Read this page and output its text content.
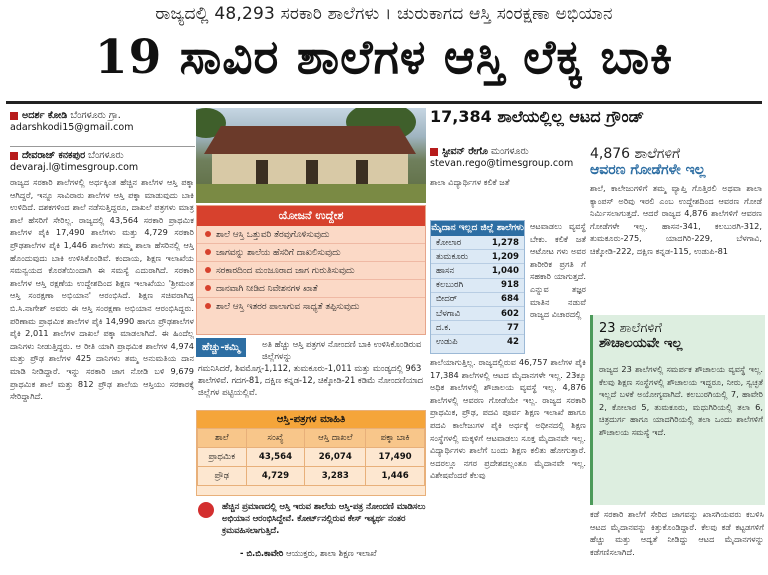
ರಾಜ್ಯದಲ್ಲಿ 48,293 ಸರಕಾರಿ ಶಾಲೆಗಳು । ಚುರುಕಾಗದ ಆಸ್ತಿ ಸಂರಕ್ಷಣಾ ಅಭಿಯಾನ
19 ಸಾವಿರ ಶಾಲೆಗಳ ಆಸ್ತಿ ಲೆಕ್ಕ ಬಾಕಿ
ಅದರ್ಶ ಕೋಡಿ ಬೆಂಗಳೂರು ಗ್ರಾ.
adarshkodi15@gmail.com
ದೇವರಾಜ್ ಕನಕಪುರ ಬೆಂಗಳೂರು
devaraj.l@timesgroup.com
ರಾಜ್ಯದ ಸರಕಾರಿ ಶಾಲೆಗಳಲ್ಲಿ ಅರ್ಧಕ್ಕಿಂತ ಹೆಚ್ಚಿನ ಶಾಲೆಗಳ ಆಸ್ತಿ ಪಕ್ಕಾ ಆಗಿದ್ದರೆ, ಇನ್ನೂ ಸಾವಿರಾರು ಶಾಲೆಗಳ ಆಸ್ತಿ ಪಕ್ಕಾ ಮಾಡುವುದು ಬಾಕಿ ಉಳಿದಿದೆ. ದಶಕಗಳಿಂದ ಶಾಲೆ ನಡೆಸುತ್ತಿದ್ದರೂ, ದಾಖಲೆ ಪತ್ರಗಳು ಮಾತ್ರ ಶಾಲೆ ಹೆಸರಿಗೆ ಸೇರಿಲ್ಲ. ರಾಜ್ಯದಲ್ಲಿ 43,564 ಸರಕಾರಿ ಪ್ರಾಥಮಿಕ ಶಾಲೆಗಳ ಪೈಕಿ 17,490 ಶಾಲೆಗಳು ಮತ್ತು 4,729 ಸರಕಾರಿ ಪ್ರೌಢಶಾಲೆಗಳ ಪೈಕಿ 1,446 ಶಾಲೆಗಳು ತಮ್ಮ ಶಾಲಾ ಹೆಸರಿನಲ್ಲಿ ಆಸ್ತಿ ಹೊಂದುವುದು ಬಾಕಿ ಉಳಿಸಿಕೊಂಡಿವೆ. ಕಂದಾಯ, ಶಿಕ್ಷಣ ಇಲಾಖೆಯ ಸಮನ್ವಯದ ಕೊರತೆಯಿಂದಾಗಿ ಈ ಸಮಸ್ಯೆ ಎದುರಾಗಿದೆ. ಸರಕಾರಿ ಶಾಲೆಗಳ ಆಸ್ತಿ ರಕ್ಷಣೆಯ ಉದ್ದೇಶದಿಂದ ಶಿಕ್ಷಣ ಇಲಾಖೆಯು 'ಶ್ರೀಮಂತ ಆಸ್ತಿ ಸಂರಕ್ಷಣಾ ಅಭಿಯಾನ' ಆರಂಭಿಸಿದೆ. ಶಿಕ್ಷಣ ಸಚಿವರಾಗಿದ್ದ ಬಿ.ಸಿ.ನಾಗೇಶ್ ಅವರು ಈ ಆಸ್ತಿ ಸಂರಕ್ಷಣಾ ಅಭಿಯಾನ ಆರಂಭಿಸಿದ್ದರು. ಪರಿಣಾಮ ಪ್ರಾಥಮಿಕ ಶಾಲೆಗಳ ಪೈಕಿ 14,990 ಹಾಗೂ ಪ್ರೌಢಶಾಲೆಗಳ ಪೈಕಿ 2,011 ಶಾಲೆಗಳ ದಾಖಲೆ ಪಕ್ಕಾ ಮಾಡಲಾಗಿದೆ. ಈ ಹಿಂದೆಲ್ಲ ದಾನಿಗಳು ನೀಡುತ್ತಿದ್ದರು. ಆ ರೀತಿ ಯಾಗಿ ಪ್ರಾಥಮಿಕ ಶಾಲೆಗಳ 4,974 ಮತ್ತು ಪ್ರೌಢ ಶಾಲೆಗಳ 425 ದಾನಿಗಳು ತಮ್ಮ ಅನುಮತಿಯ ದಾನ ಮಾಡಿ ನೀಡಿದ್ದಾರೆ. ಇನ್ನು ಸರಕಾರಿ ಜಾಗ ನೋಡಿ ಬಳಿ 9,679 ಪ್ರಾಥಮಿಕ ಶಾಲೆ ಮತ್ತು 812 ಪ್ರೌಢ ಶಾಲೆಯ ಆಸ್ತಿಯು ಸರಕಾರಕ್ಕೆ ಸೇರಿದ್ದಾಗಿದೆ.
ಯೋಜನೆ ಉದ್ದೇಶ
ಶಾಲೆ ಆಸ್ತಿ ಒತ್ತುವರಿ ತೆರವುಗೊಳಿಸುವುದು
ಜಾಗವನ್ನು ಶಾಲೆಯ ಹೆಸರಿಗೆ ದಾಖಲಿಸುವುದು
ಸರಕಾರದಿಂದ ಮಂಜೂರಾದ ಜಾಗ ಗುರುತಿಸುವುದು
ದಾನವಾಗಿ ನೀಡಿದ ನಿವೇಶನಗಳ ಖಾತೆ
ಶಾಲೆ ಆಸ್ತಿ ಇತರರ ಪಾಲಾಗುವ ಸಾಧ್ಯತೆ ತಪ್ಪಿಸುವುದು
ಹೆಚ್ಚು-ಕಮ್ಮಿ	ಅತಿ ಹೆಚ್ಚು ಆಸ್ತಿ ಪತ್ರಗಳ ನೋಂದಣಿ ಬಾಕಿ ಉಳಿಸಿಕೊಂಡಿರುವ ಜಿಲ್ಲೆಗಳನ್ನು
ಗಮನಿಸಿದರೆ, ಶಿವಮೊಗ್ಗ-1,112, ತುಮಕೂರು-1,011 ಮತ್ತು ಮಂಡ್ಯದಲ್ಲಿ 963 ಶಾಲೆಗಳಿವೆ. ಗದಗ-81, ದಕ್ಷಿಣ ಕನ್ನಡ-12, ಚಿಕ್ಕೋಡಿ-21 ಕಡಿಮೆ ನೋಂದಣಿಯಾದ ಜಿಲ್ಲೆಗಳ ಪಟ್ಟಿಯಲ್ಲಿವೆ.
ಆಸ್ತಿ-ಪತ್ರಗಳ ಮಾಹಿತಿ
ಶಾಲೆ	ಸಂಖ್ಯೆ	ಆಸ್ತಿ ದಾಖಲೆ	ಪಕ್ಕಾ ಬಾಕಿ
ಪ್ರಾಥಮಿಕ	43,564	26,074	17,490
ಪ್ರೌಢ	4,729	3,283	1,446
ಹೆಚ್ಚಿನ ಪ್ರಮಾಣದಲ್ಲಿ ಆಸ್ತಿ ಇರುವ ಶಾಲೆಯ ಆಸ್ತಿ-ಪತ್ರ ನೋಂದಣಿ ಮಾಡಿಸಲು ಅಭಿಯಾನ ಆರಂಭಿಸಿದ್ದೇವೆ. ಕೋರ್ಟ್‌ನಲ್ಲಿರುವ ಕೇಸ್ ಇತ್ಯರ್ಥ ನಂತರ ಕ್ರಮವಹಿಸಲಾಗುತ್ತಿದೆ.
- ಬಿ.ಬಿ.ಕಾವೇರಿ ಆಯುಕ್ತರು, ಶಾಲಾ ಶಿಕ್ಷಣ ಇಲಾಖೆ
17,384 ಶಾಲೆಯಲ್ಲಿಲ್ಲ ಆಟದ ಗ್ರೌಂಡ್
ಸ್ಟೀವನ್ ರೇಗೊ ಮಂಗಳೂರು
stevan.rego@timesgroup.com
ಶಾಲಾ ವಿದ್ಯಾರ್ಥಿಗಳ ಕಲಿಕೆ ಜತೆ
ಮೈದಾನ ಇಲ್ಲದ ಜಿಲ್ಲೆ ಶಾಲೆಗಳು
ಕೋಲಾರ	1,278
ತುಮಕೂರು	1,209
ಹಾಸನ	1,040
ಕಲಬುರಗಿ	918
ಬೀದರ್	684
ಬೆಳಗಾವಿ	602
ದ.ಕ.	77
ಉಡುಪಿ	42
ಆಟವಾಡಲು ವ್ಯವಸ್ಥೆ ಬೇಕು. ಕಲಿಕೆ ಜತೆ ಆಟೋಟ ಗಳು ಅವರ ಶಾರೀರಿಕ ಪ್ರಗತಿ ಗೆ ಸಹಕಾರಿ ಯಾಗುತ್ತದೆ. ಎನ್ನುವ ತಜ್ಞರ ಮಾತಿನ ನಡುವೆ ರಾಜ್ಯದ ವಿಚಾರದಲ್ಲಿ
ಶಾಲೆಯಾಗುತ್ತಿಲ್ಲ. ರಾಜ್ಯದಲ್ಲಿರುವ 46,757 ಶಾಲೆಗಳ ಪೈಕಿ 17,384 ಶಾಲೆಗಳಲ್ಲಿ ಆಟದ ಮೈದಾನಗಳೇ ಇಲ್ಲ. 23ಕ್ಕೂ ಅಧಿಕ ಶಾಲೆಗಳಲ್ಲಿ ಶೌಚಾಲಯ ವ್ಯವಸ್ಥೆ ಇಲ್ಲ. 4,876 ಶಾಲೆಗಳಲ್ಲಿ ಆವರಣ ಗೋಡೆಯೇ ಇಲ್ಲ. ರಾಜ್ಯದ ಸರಕಾರಿ ಪ್ರಾಥಮಿಕ, ಪ್ರೌಢ, ಪದವಿ ಪೂರ್ವ ಶಿಕ್ಷಣ ಇಲಾಖೆ ಹಾಗೂ ಪದವಿ ಕಾಲೇಜುಗಳ ಪೈಕಿ ಅರ್ಧಕ್ಕೆ ಅಧೀನದಲ್ಲಿ ಶಿಕ್ಷಣ ಸಂಸ್ಥೆಗಳಲ್ಲಿ ಮಕ್ಕಳಿಗೆ ಆಟವಾಡಲು ಸೂಕ್ತ ಮೈದಾನವೇ ಇಲ್ಲ. ವಿದ್ಯಾರ್ಥಿಗಳು ಶಾಲೆಗೆ ಬಂದು ಶಿಕ್ಷಣ ಕಲಿತು ಹೋಗುತ್ತಾರೆ. ಅದರಲ್ಲೂ ನಗರ ಪ್ರದೇಶದಲ್ಲಂತೂ ಮೈದಾನವೇ ಇಲ್ಲ. ವಿಶೇಷವೆಂದರೆ ಕೆಲವು
4,876 ಶಾಲೆಗಳಿಗೆ
ಆವರಣ ಗೋಡೆಗಳೇ ಇಲ್ಲ
ಶಾಲೆ, ಕಾಲೇಜುಗಳಿಗೆ ತಮ್ಮ ವ್ಯಾಪ್ತಿ ಗೊತ್ತಿರಲಿ ಅಥವಾ ಶಾಲಾ ಕ್ಯಾಂಪಸ್ ಅರಿವು ಇರಲಿ ಎಂಬ ಉದ್ದೇಶದಿಂದ ಆವರಣ ಗೋಡೆ ನಿರ್ಮಿಸಲಾಗುತ್ತದೆ. ಆದರೆ ರಾಜ್ಯದ 4,876 ಶಾಲೆಗಳಿಗೆ ಆವರಣ ಗೋಡೆಗಳೇ ಇಲ್ಲ. ಹಾಸನ-341, ಕಲಬುರಗಿ-312, ತುಮಕೂರು-275, ಯಾದಗಿರಿ-229, ಬೆಳಗಾವಿ, ಚಿಕ್ಕೋಡಿ-222, ದಕ್ಷಿಣ ಕನ್ನಡ-115, ಉಡುಪಿ-81
23 ಶಾಲೆಗಳಿಗೆ
ಶೌಚಾಲಯವೇ ಇಲ್ಲ
ರಾಜ್ಯದ 23 ಶಾಲೆಗಳಲ್ಲಿ ಸಮರ್ಪಕ ಶೌಚಾಲಯ ವ್ಯವಸ್ಥೆ ಇಲ್ಲ. ಕೆಲವು ಶಿಕ್ಷಣ ಸಂಸ್ಥೆಗಳಲ್ಲಿ ಶೌಚಾಲಯ ಇದ್ದರೂ, ನೀರು, ಸ್ವಚ್ಛತೆ ಇಲ್ಲದೆ ಬಳಕೆ ಅಯೋಗ್ಯವಾಗಿದೆ. ಕಲಬುರಗಿಯಲ್ಲಿ 7, ಹಾವೇರಿ 2, ಕೋಲಾರ 5, ತುಮಕೂರು, ಮಧುಗಿರಿಯಲ್ಲಿ ತಲಾ 6, ಚಿತ್ರದುರ್ಗ ಹಾಗೂ ಯಾದಗಿರಿಯಲ್ಲಿ ತಲಾ ಒಂದು ಶಾಲೆಗಳಿಗೆ ಶೌಚಾಲಯ ಸಮಸ್ಯೆ ಇದೆ.
ಕಡೆ ಸರಕಾರಿ ಶಾಲೆಗೆ ಸೇರಿದ ಜಾಗವನ್ನು ಖಾಸಗಿಯವರು ಕಬಳಿಸಿ ಆಟದ ಮೈದಾನವನ್ನು ಕಿತ್ತುಕೊಂಡಿದ್ದಾರೆ. ಕೆಲವು ಕಡೆ ಕಟ್ಟಡಗಳಿಗೆ ಹೆಚ್ಚು ಮತ್ತು ಆದ್ಯತೆ ನೀಡಿದ್ದು ಆಟದ ಮೈದಾನಗಳನ್ನು ಕಡೆಗಣಿಸಲಾಗಿದೆ.
